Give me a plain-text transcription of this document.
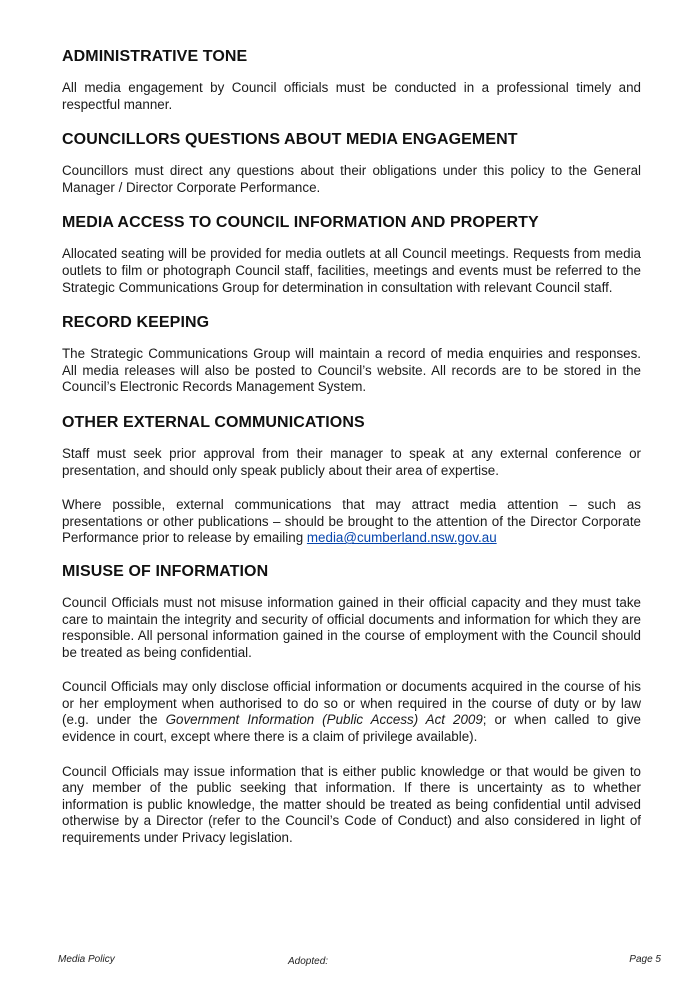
ADMINISTRATIVE TONE

All media engagement by Council officials must be conducted in a professional timely and respectful manner.

COUNCILLORS QUESTIONS ABOUT MEDIA ENGAGEMENT

Councillors must direct any questions about their obligations under this policy to the General Manager / Director Corporate Performance.

MEDIA ACCESS TO COUNCIL INFORMATION AND PROPERTY

Allocated seating will be provided for media outlets at all Council meetings. Requests from media outlets to film or photograph Council staff, facilities, meetings and events must be referred to the Strategic Communications Group for determination in consultation with relevant Council staff.

RECORD KEEPING

The Strategic Communications Group will maintain a record of media enquiries and responses. All media releases will also be posted to Council’s website. All records are to be stored in the Council’s Electronic Records Management System.

OTHER EXTERNAL COMMUNICATIONS

Staff must seek prior approval from their manager to speak at any external conference or presentation, and should only speak publicly about their area of expertise.

Where possible, external communications that may attract media attention – such as presentations or other publications – should be brought to the attention of the Director Corporate Performance prior to release by emailing media@cumberland.nsw.gov.au

MISUSE OF INFORMATION

Council Officials must not misuse information gained in their official capacity and they must take care to maintain the integrity and security of official documents and information for which they are responsible. All personal information gained in the course of employment with the Council should be treated as being confidential.

Council Officials may only disclose official information or documents acquired in the course of his or her employment when authorised to do so or when required in the course of duty or by law (e.g. under the Government Information (Public Access) Act 2009; or when called to give evidence in court, except where there is a claim of privilege available).

Council Officials may issue information that is either public knowledge or that would be given to any member of the public seeking that information. If there is uncertainty as to whether information is public knowledge, the matter should be treated as being confidential until advised otherwise by a Director (refer to the Council’s Code of Conduct) and also considered in light of requirements under Privacy legislation.

Media Policy	Adopted:	Page 5
